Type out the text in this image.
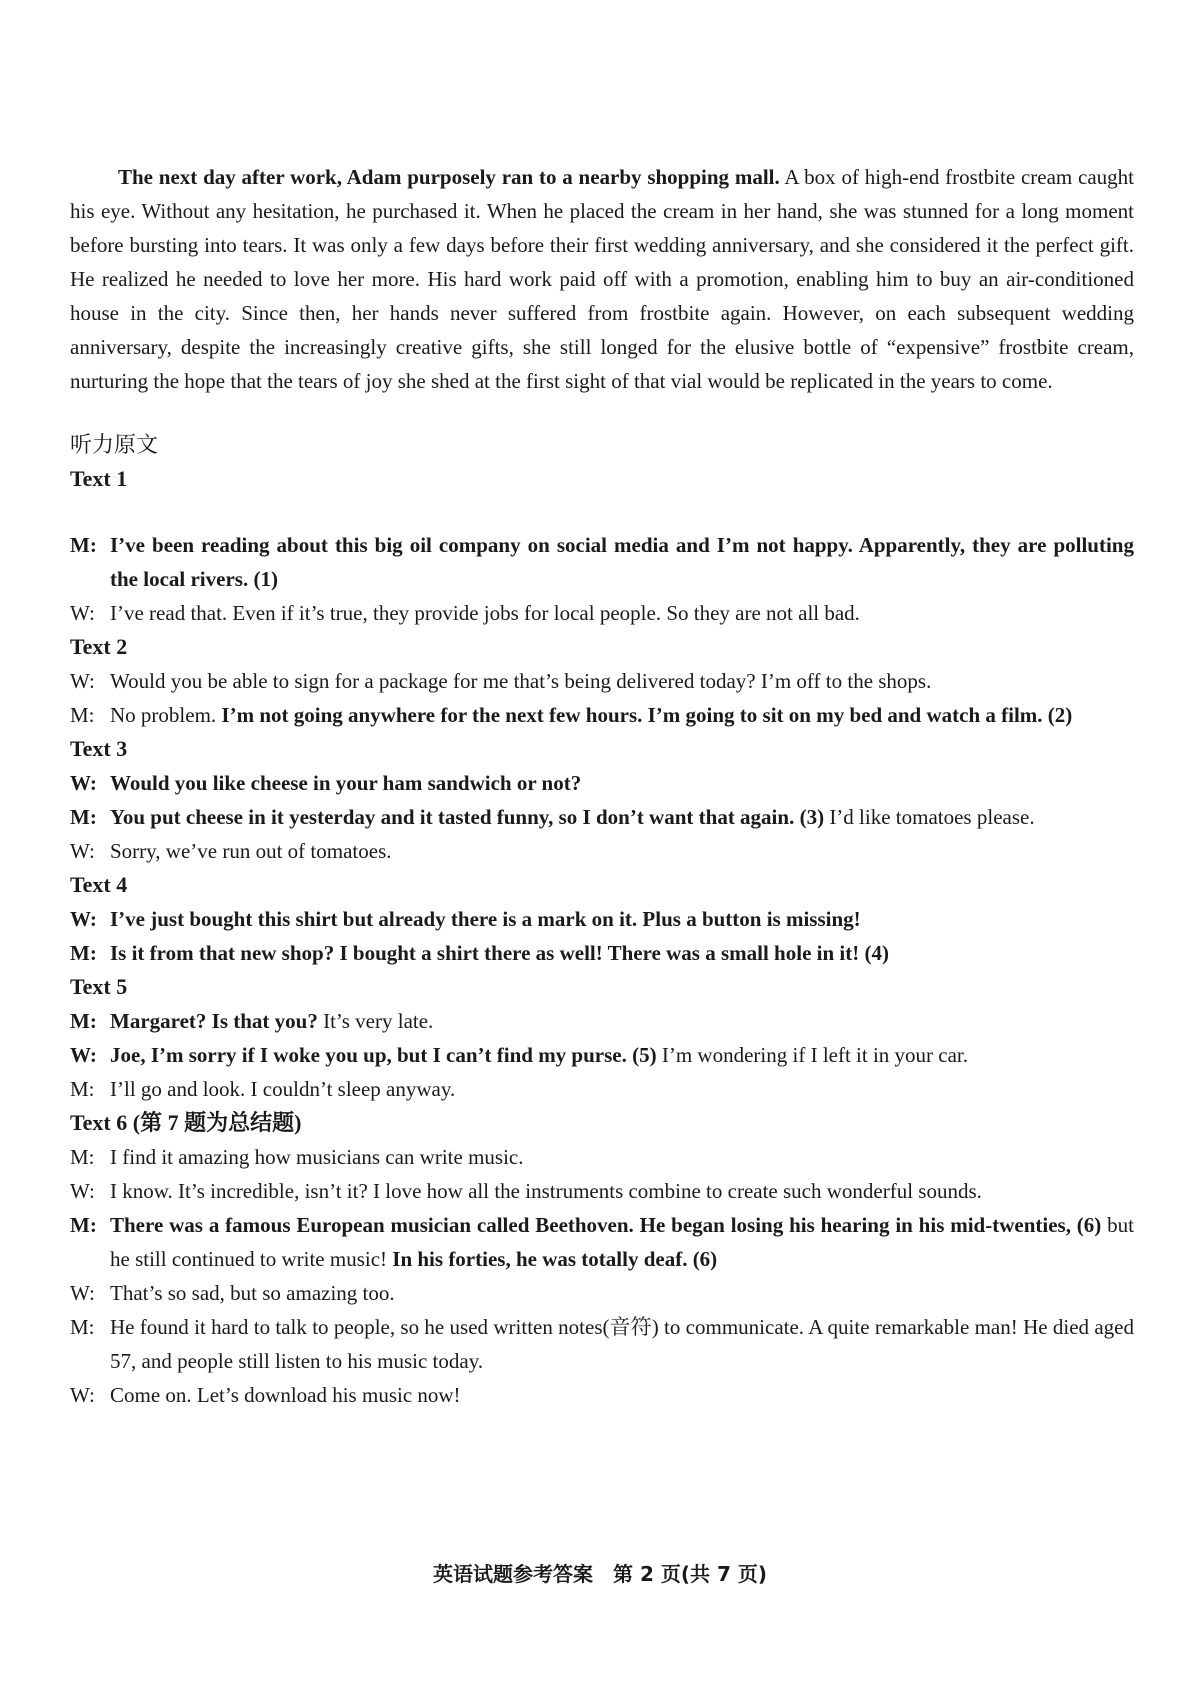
The next day after work, Adam purposely ran to a nearby shopping mall. A box of high-end frostbite cream caught his eye. Without any hesitation, he purchased it. When he placed the cream in her hand, she was stunned for a long moment before bursting into tears. It was only a few days before their first wedding anniversary, and she considered it the perfect gift. He realized he needed to love her more. His hard work paid off with a promotion, enabling him to buy an air-conditioned house in the city. Since then, her hands never suffered from frostbite again. However, on each subsequent wedding anniversary, despite the increasingly creative gifts, she still longed for the elusive bottle of “expensive” frostbite cream, nurturing the hope that the tears of joy she shed at the first sight of that vial would be replicated in the years to come.

听力原文
Text 1
M: I’ve been reading about this big oil company on social media and I’m not happy. Apparently, they are polluting the local rivers. (1)
W: I’ve read that. Even if it’s true, they provide jobs for local people. So they are not all bad.
Text 2
W: Would you be able to sign for a package for me that’s being delivered today? I’m off to the shops.
M: No problem. I’m not going anywhere for the next few hours. I’m going to sit on my bed and watch a film. (2)
Text 3
W: Would you like cheese in your ham sandwich or not?
M: You put cheese in it yesterday and it tasted funny, so I don’t want that again. (3) I’d like tomatoes please.
W: Sorry, we’ve run out of tomatoes.
Text 4
W: I’ve just bought this shirt but already there is a mark on it. Plus a button is missing!
M: Is it from that new shop? I bought a shirt there as well! There was a small hole in it! (4)
Text 5
M: Margaret? Is that you? It’s very late.
W: Joe, I’m sorry if I woke you up, but I can’t find my purse. (5) I’m wondering if I left it in your car.
M: I’ll go and look. I couldn’t sleep anyway.
Text 6 (第 7 题为总结题)
M: I find it amazing how musicians can write music.
W: I know. It’s incredible, isn’t it? I love how all the instruments combine to create such wonderful sounds.
M: There was a famous European musician called Beethoven. He began losing his hearing in his mid-twenties, (6) but he still continued to write music! In his forties, he was totally deaf. (6)
W: That’s so sad, but so amazing too.
M: He found it hard to talk to people, so he used written notes(音符) to communicate. A quite remarkable man! He died aged 57, and people still listen to his music today.
W: Come on. Let’s download his music now!
英语试题参考答案　第 2 页(共 7 页)
